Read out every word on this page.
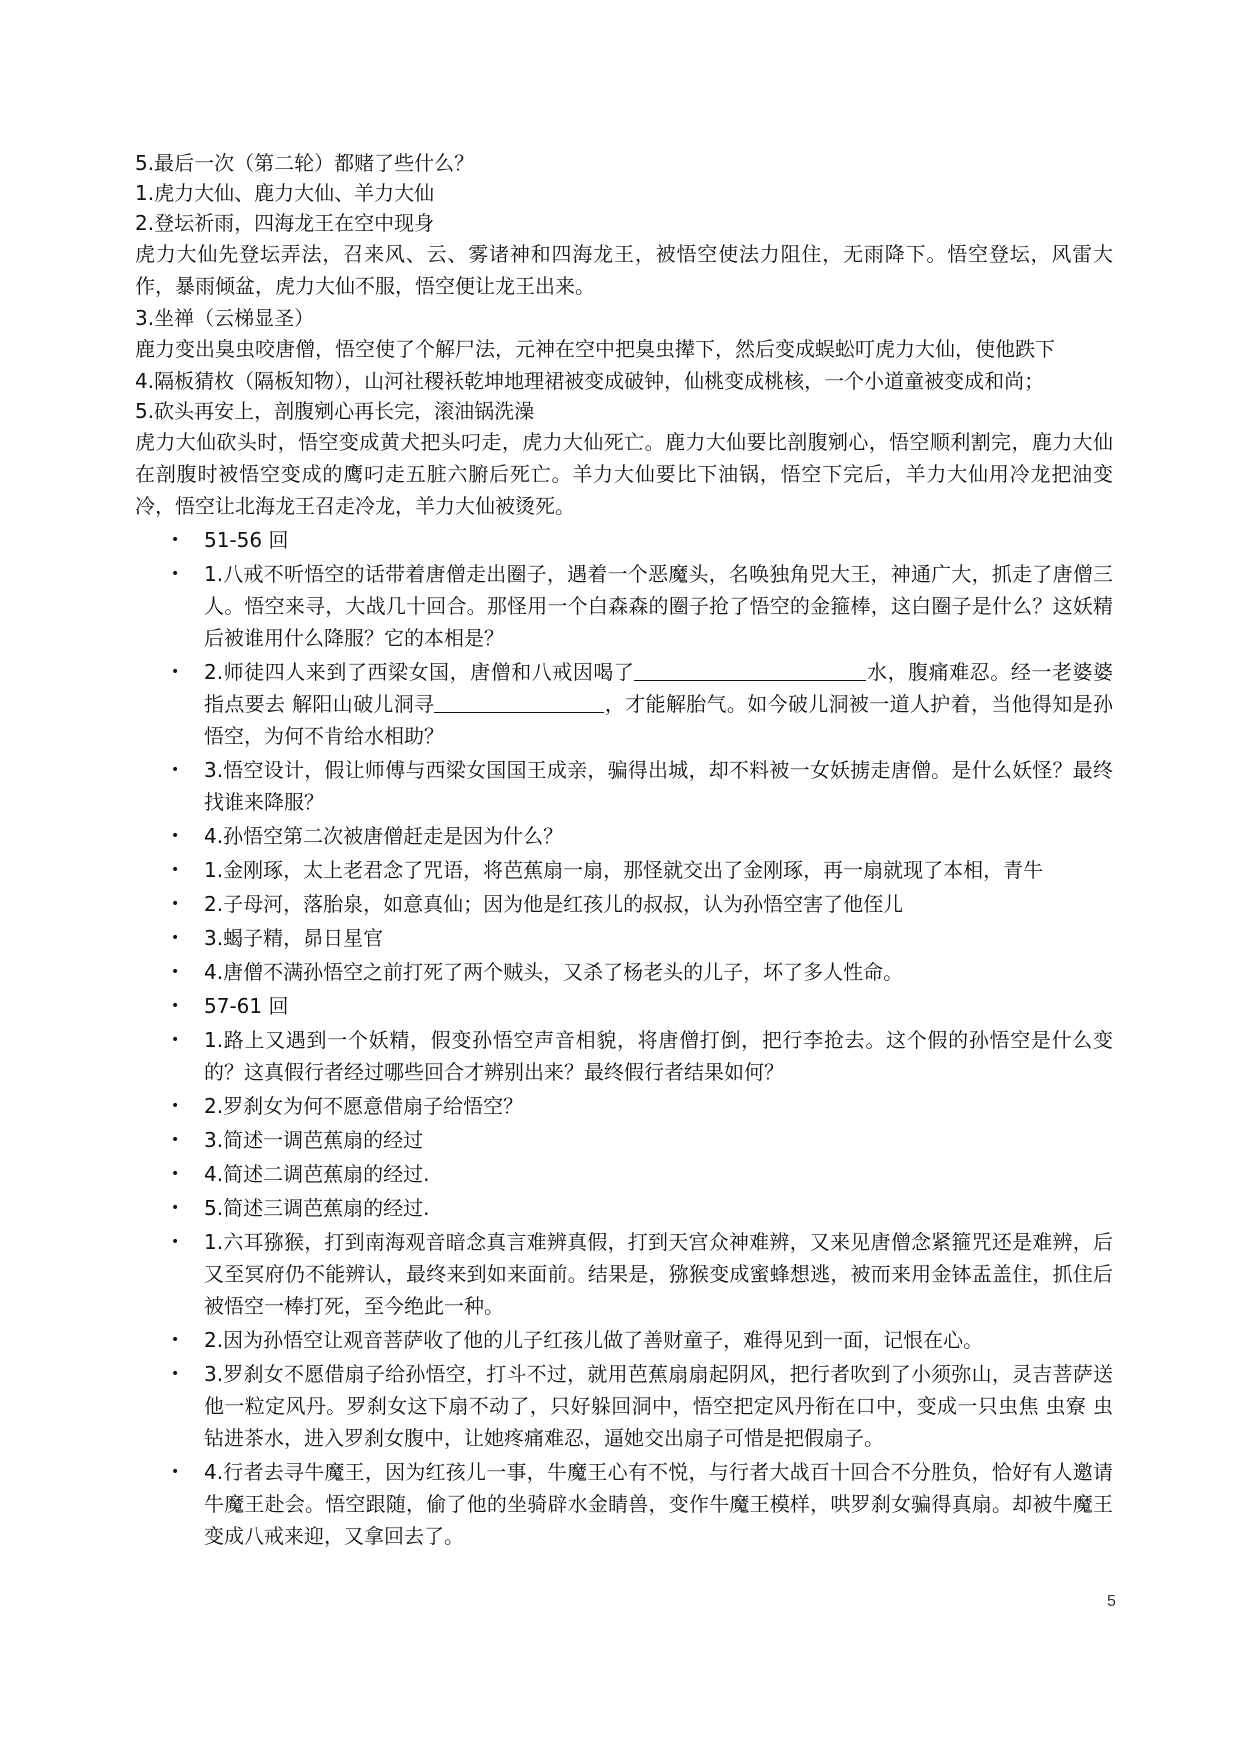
5.最后一次（第二轮）都赌了些什么？

1.虎力大仙、鹿力大仙、羊力大仙

2.登坛祈雨，四海龙王在空中现身

虎力大仙先登坛弄法，召来风、云、雾诸神和四海龙王，被悟空使法力阻住，无雨降下。悟空登坛，风雷大作，暴雨倾盆，虎力大仙不服，悟空便让龙王出来。

3.坐禅（云梯显圣）

鹿力变出臭虫咬唐僧，悟空使了个解尸法，元神在空中把臭虫撵下，然后变成蜈蚣叮虎力大仙，使他跌下

4.隔板猜枚（隔板知物），山河社稷袄乾坤地理裙被变成破钟，仙桃变成桃核，一个小道童被变成和尚；

5.砍头再安上，剖腹剜心再长完，滚油锅洗澡

虎力大仙砍头时，悟空变成黄犬把头叼走，虎力大仙死亡。鹿力大仙要比剖腹剜心，悟空顺利割完，鹿力大仙在剖腹时被悟空变成的鹰叼走五脏六腑后死亡。羊力大仙要比下油锅，悟空下完后，羊力大仙用冷龙把油变冷，悟空让北海龙王召走冷龙，羊力大仙被烫死。

• 51-56 回
• 1.八戒不听悟空的话带着唐僧走出圈子，遇着一个恶魔头，名唤独角兕大王，神通广大，抓走了唐僧三人。悟空来寻，大战几十回合。那怪用一个白森森的圈子抢了悟空的金箍棒，这白圈子是什么？这妖精后被谁用什么降服？它的本相是？
• 2.师徒四人来到了西梁女国，唐僧和八戒因喝了	水，腹痛难忍。经一老婆婆指点要去 解阳山破儿洞寻	，才能解胎气。如今破儿洞被一道人护着，当他得知是孙悟空，为何不肯给水相助？
• 3.悟空设计，假让师傅与西梁女国国王成亲，骗得出城，却不料被一女妖掳走唐僧。是什么妖怪？最终找谁来降服？
• 4.孙悟空第二次被唐僧赶走是因为什么？
• 1.金刚琢，太上老君念了咒语，将芭蕉扇一扇，那怪就交出了金刚琢，再一扇就现了本相，青牛
• 2.子母河，落胎泉，如意真仙；因为他是红孩儿的叔叔，认为孙悟空害了他侄儿
• 3.蝎子精，昴日星官
• 4.唐僧不满孙悟空之前打死了两个贼头，又杀了杨老头的儿子，坏了多人性命。
• 57-61 回
• 1.路上又遇到一个妖精，假变孙悟空声音相貌，将唐僧打倒，把行李抢去。这个假的孙悟空是什么变的？这真假行者经过哪些回合才辨别出来？最终假行者结果如何？
• 2.罗刹女为何不愿意借扇子给悟空？
• 3.简述一调芭蕉扇的经过
• 4.简述二调芭蕉扇的经过.
• 5.简述三调芭蕉扇的经过.
• 1.六耳猕猴，打到南海观音暗念真言难辨真假，打到天宫众神难辨，又来见唐僧念紧箍咒还是难辨，后又至冥府仍不能辨认，最终来到如来面前。结果是，猕猴变成蜜蜂想逃，被而来用金钵盂盖住，抓住后被悟空一棒打死，至今绝此一种。
• 2.因为孙悟空让观音菩萨收了他的儿子红孩儿做了善财童子，难得见到一面，记恨在心。
• 3.罗刹女不愿借扇子给孙悟空，打斗不过，就用芭蕉扇扇起阴风，把行者吹到了小须弥山，灵吉菩萨送他一粒定风丹。罗刹女这下扇不动了，只好躲回洞中，悟空把定风丹衔在口中，变成一只虫焦 虫寮 虫钻进茶水，进入罗刹女腹中，让她疼痛难忍，逼她交出扇子可惜是把假扇子。
• 4.行者去寻牛魔王，因为红孩儿一事，牛魔王心有不悦，与行者大战百十回合不分胜负，恰好有人邀请牛魔王赴会。悟空跟随，偷了他的坐骑辟水金睛兽，变作牛魔王模样，哄罗刹女骗得真扇。却被牛魔王变成八戒来迎，又拿回去了。
5
